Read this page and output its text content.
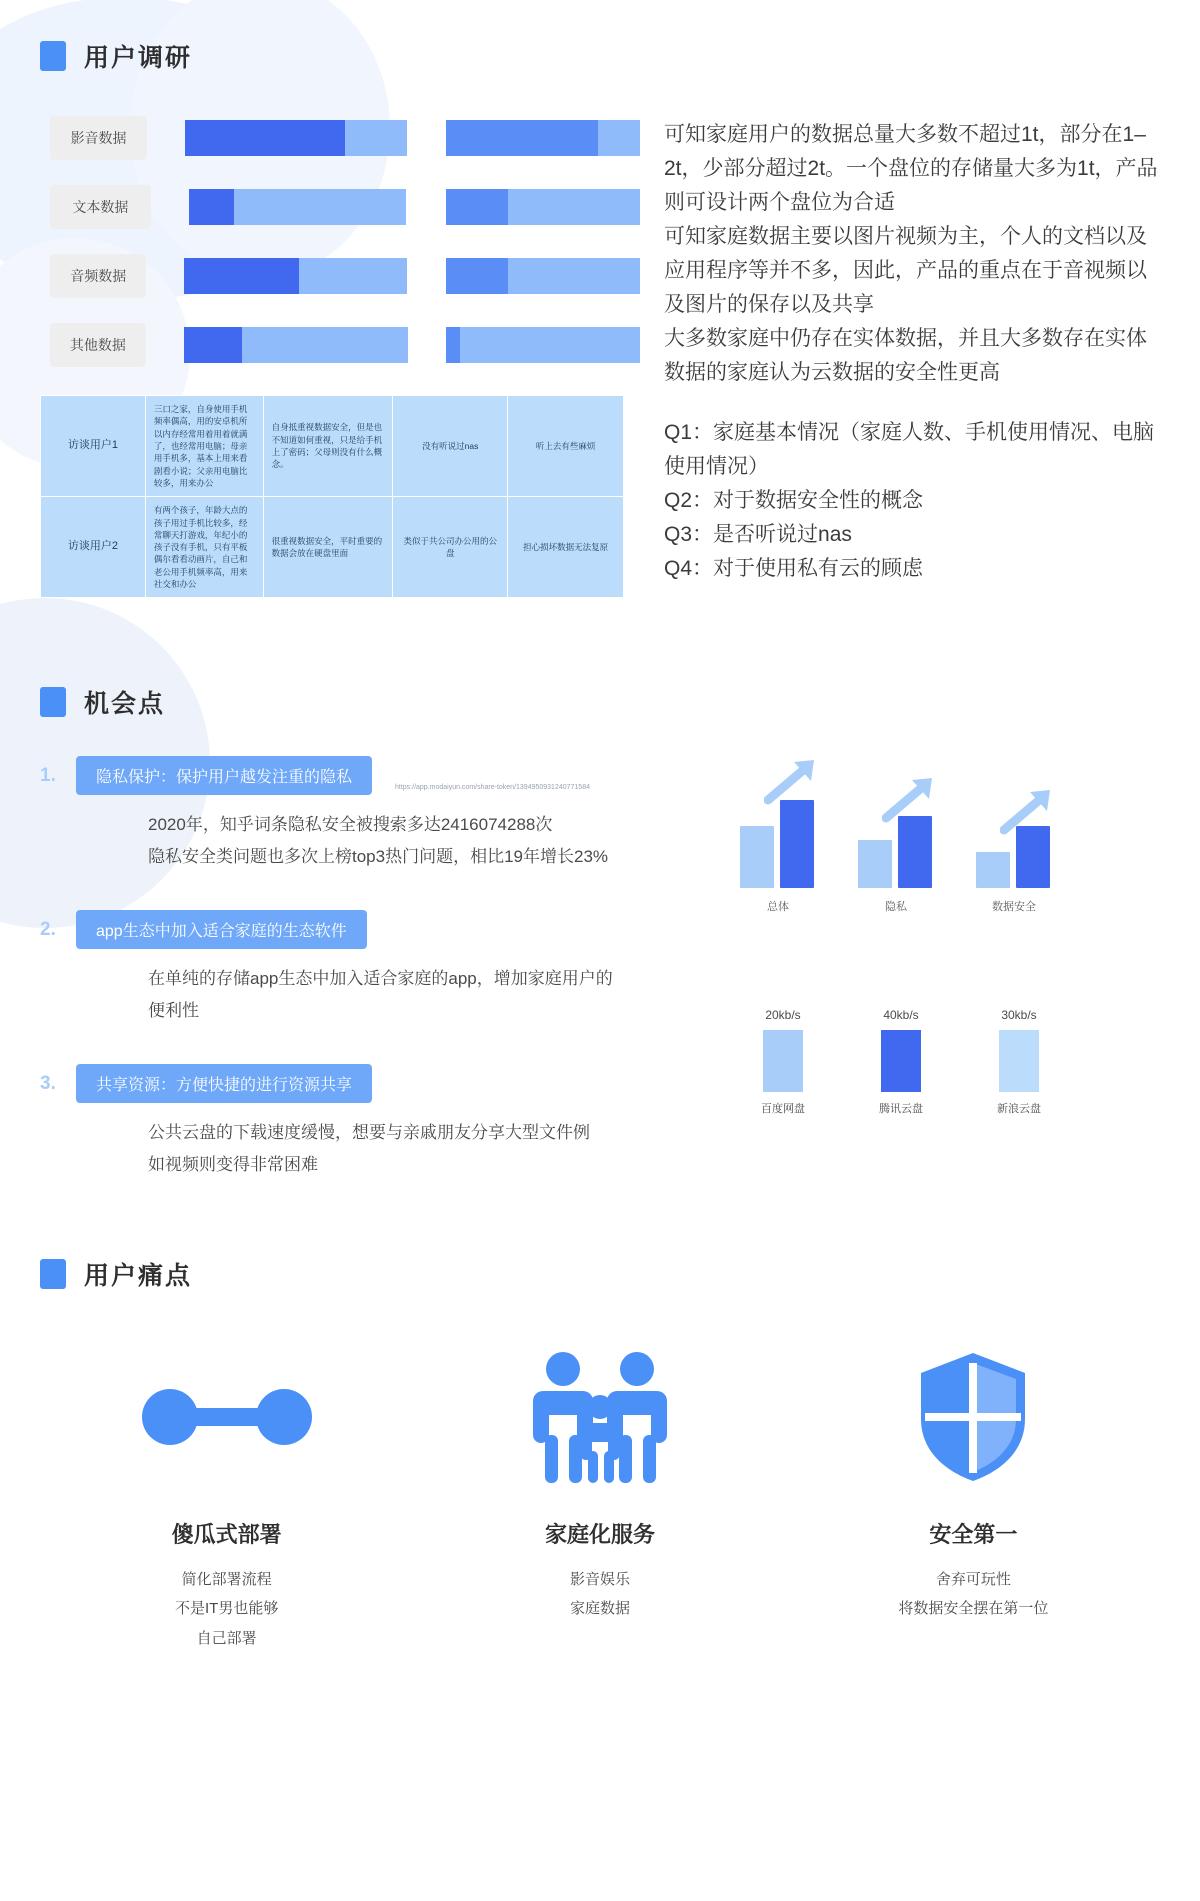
用户调研
影音数据
文本数据
音频数据
其他数据
访谈用户1	三口之家，自身使用手机频率偶高，用的安卓机所以内存经常用着用着就满了，也经常用电脑；母亲用手机多，基本上用来看剧看小说；父亲用电脑比较多，用来办公	自身抵重视数据安全，但是也不知道如何重视，只是给手机上了密码；父母则没有什么概念。	没有听说过nas	听上去有些麻烦
访谈用户2	有两个孩子，年龄大点的孩子用过手机比较多，经常聊天打游戏，年纪小的孩子没有手机，只有平板偶尔看看动画片，自己和老公用手机频率高，用来社交和办公	很重视数据安全，平时重要的数据会放在硬盘里面	类似于共公司办公用的公盘	担心损坏数据无法复原
可知家庭用户的数据总量大多数不超过1t，部分在1–2t，少部分超过2t。一个盘位的存储量大多为1t，产品则可设计两个盘位为合适
可知家庭数据主要以图片视频为主，个人的文档以及应用程序等并不多，因此，产品的重点在于音视频以及图片的保存以及共享
大多数家庭中仍存在实体数据，并且大多数存在实体数据的家庭认为云数据的安全性更高
Q1：家庭基本情况（家庭人数、手机使用情况、电脑使用情况）
Q2：对于数据安全性的概念
Q3：是否听说过nas
Q4：对于使用私有云的顾虑
机会点
1.	隐私保护：保护用户越发注重的隐私
https://app.modaiyun.com/share-token/1394950931240771584
2020年，知乎词条隐私安全被搜索多达2416074288次
隐私安全类问题也多次上榜top3热门问题，相比19年增长23%
2.	app生态中加入适合家庭的生态软件
在单纯的存储app生态中加入适合家庭的app，增加家庭用户的
便利性
3.	共享资源：方便快捷的进行资源共享
公共云盘的下载速度缓慢，想要与亲戚朋友分享大型文件例
如视频则变得非常困难
总体	隐私	数据安全
20kb/s
百度网盘
40kb/s
腾讯云盘
30kb/s
新浪云盘
用户痛点
傻瓜式部署
简化部署流程
不是IT男也能够
自己部署
家庭化服务
影音娱乐
家庭数据
安全第一
舍弃可玩性
将数据安全摆在第一位
